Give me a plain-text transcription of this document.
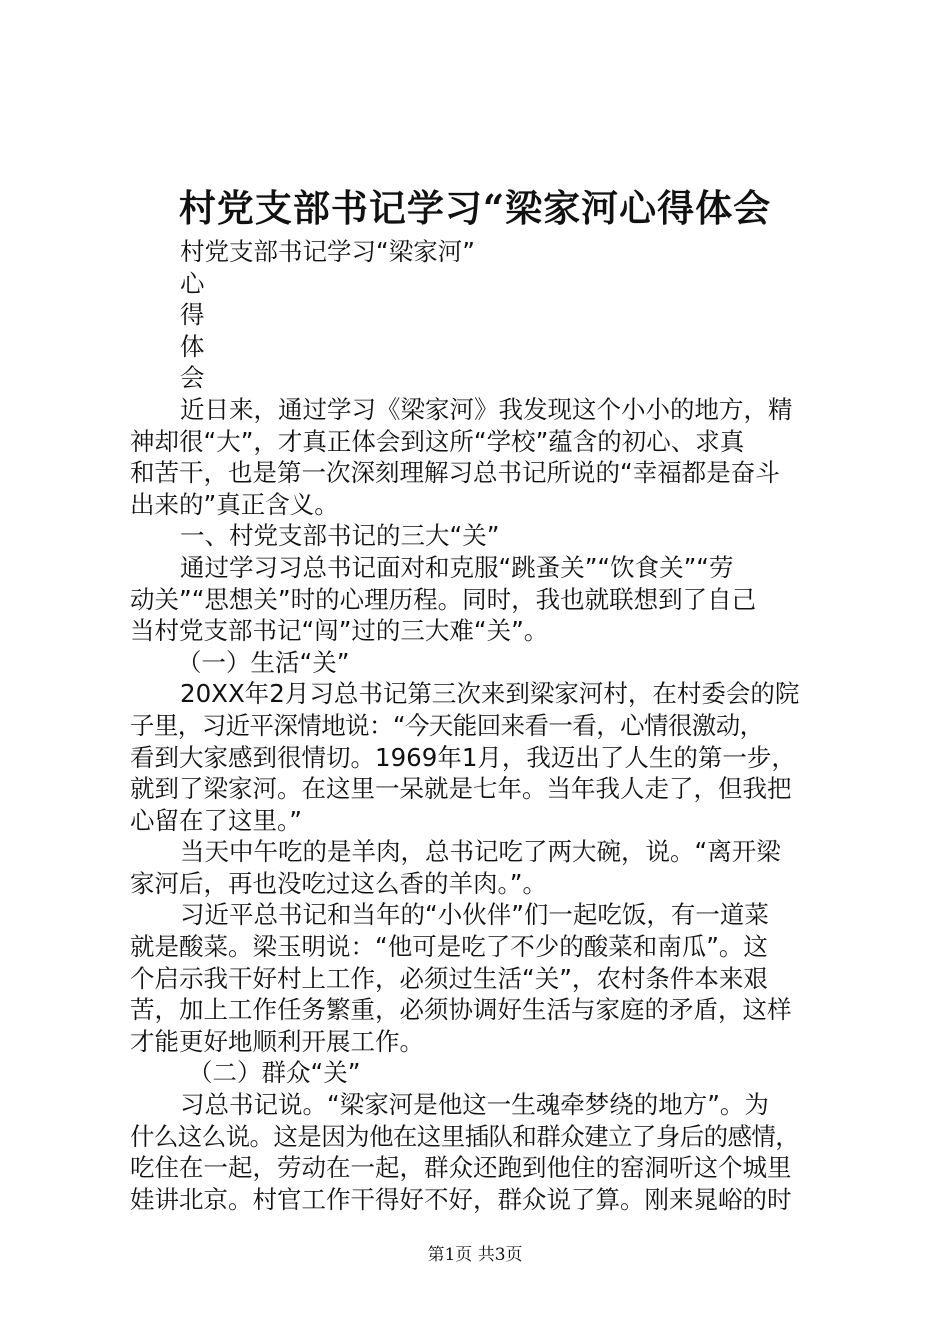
村党支部书记学习“梁家河心得体会
村党支部书记学习“梁家河”
心
得
体
会
近日来，通过学习《梁家河》我发现这个小小的地方，精
神却很“大”，才真正体会到这所“学校”蕴含的初心、求真
和苦干，也是第一次深刻理解习总书记所说的“幸福都是奋斗
出来的”真正含义。
一、村党支部书记的三大“关”
通过学习习总书记面对和克服“跳蚤关”“饮食关”“劳
动关”“思想关”时的心理历程。同时，我也就联想到了自己
当村党支部书记“闯”过的三大难“关”。
（一）生活“关”
20XX年2月习总书记第三次来到梁家河村，在村委会的院
子里，习近平深情地说：“今天能回来看一看，心情很激动，
看到大家感到很情切。1969年1月，我迈出了人生的第一步，
就到了梁家河。在这里一呆就是七年。当年我人走了，但我把
心留在了这里。”
当天中午吃的是羊肉，总书记吃了两大碗，说。“离开梁
家河后，再也没吃过这么香的羊肉。”。
习近平总书记和当年的“小伙伴”们一起吃饭，有一道菜
就是酸菜。梁玉明说：“他可是吃了不少的酸菜和南瓜”。这
个启示我干好村上工作，必须过生活“关”，农村条件本来艰
苦，加上工作任务繁重，必须协调好生活与家庭的矛盾，这样
才能更好地顺利开展工作。
（二）群众“关”
习总书记说。“梁家河是他这一生魂牵梦绕的地方”。为
什么这么说。这是因为他在这里插队和群众建立了身后的感情，
吃住在一起，劳动在一起，群众还跑到他住的窑洞听这个城里
娃讲北京。村官工作干得好不好，群众说了算。刚来晁峪的时
第1页 共3页
